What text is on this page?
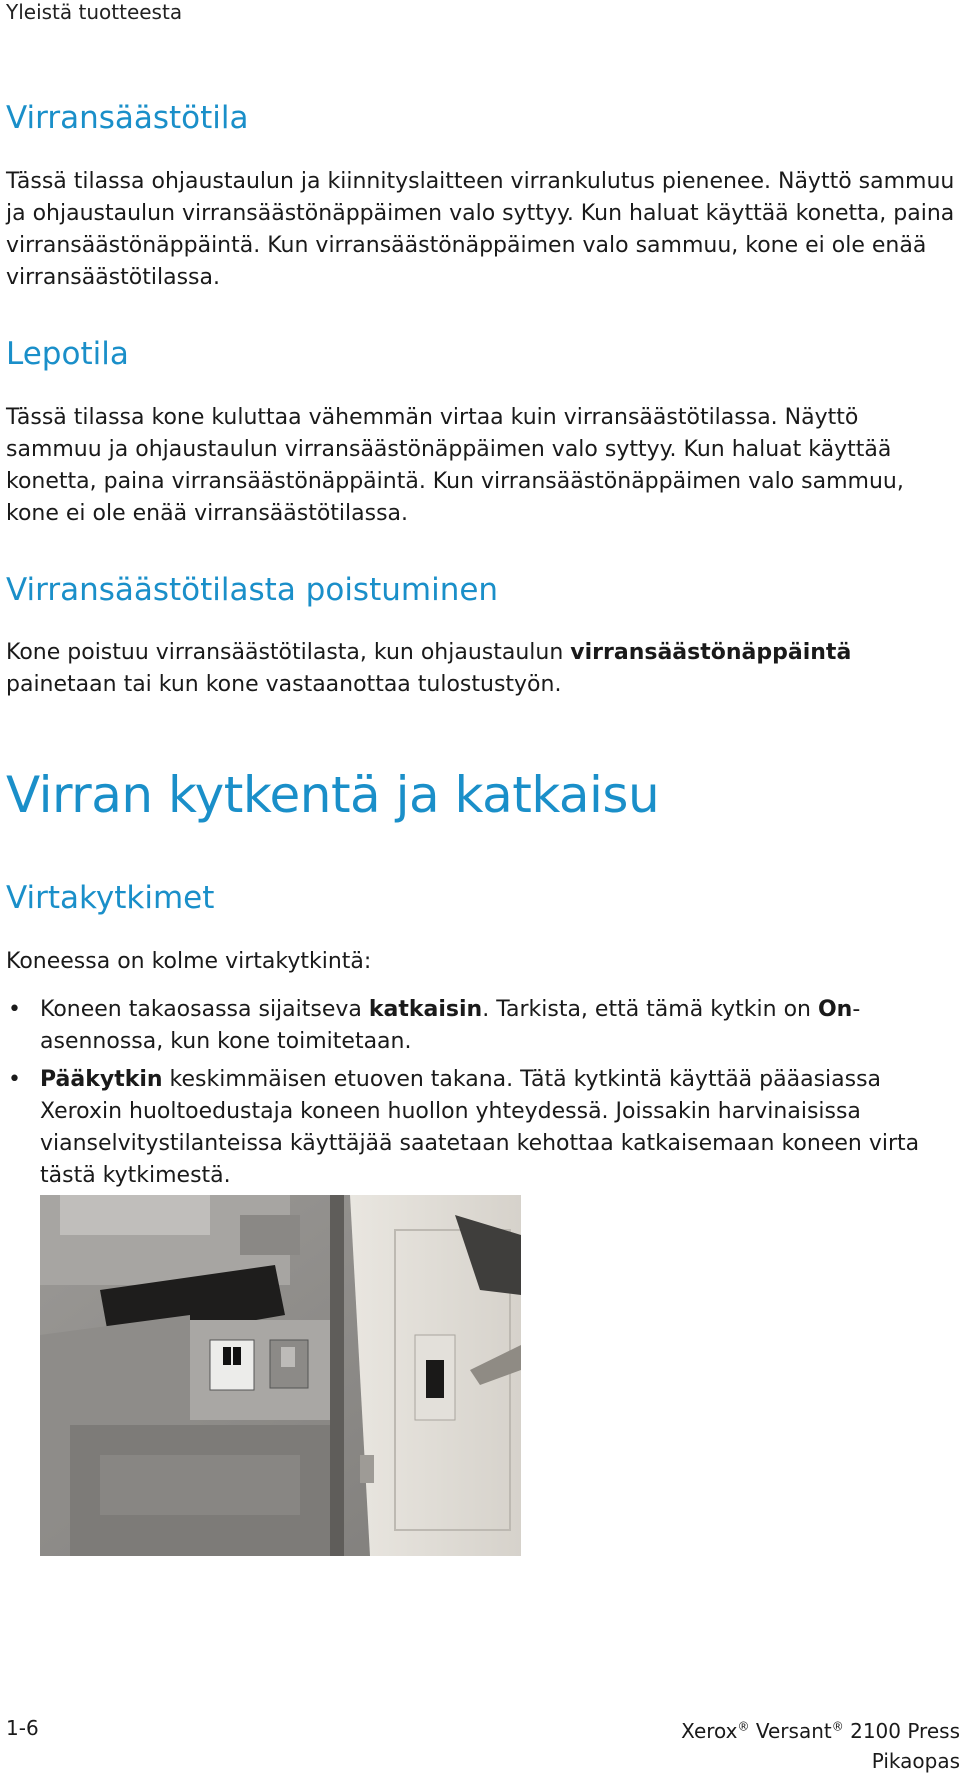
Yleistä tuotteesta
Virransäästötila

Tässä tilassa ohjaustaulun ja kiinnityslaitteen virrankulutus pienenee. Näyttö sammuu ja ohjaustaulun virransäästönäppäimen valo syttyy. Kun haluat käyttää konetta, paina virransäästönäppäintä. Kun virransäästönäppäimen valo sammuu, kone ei ole enää virransäästötilassa.

Lepotila

Tässä tilassa kone kuluttaa vähemmän virtaa kuin virransäästötilassa. Näyttö sammuu ja ohjaustaulun virransäästönäppäimen valo syttyy. Kun haluat käyttää konetta, paina virransäästönäppäintä. Kun virransäästönäppäimen valo sammuu, kone ei ole enää virransäästötilassa.

Virransäästötilasta poistuminen

Kone poistuu virransäästötilasta, kun ohjaustaulun virransäästönäppäintä painetaan tai kun kone vastaanottaa tulostustyön.

Virran kytkentä ja katkaisu
Virtakytkimet

Koneessa on kolme virtakytkintä:

• Koneen takaosassa sijaitseva katkaisin. Tarkista, että tämä kytkin on On-asennossa, kun kone toimitetaan.
• Pääkytkin keskimmäisen etuoven takana. Tätä kytkintä käyttää pääasiassa Xeroxin huoltoedustaja koneen huollon yhteydessä. Joissakin harvinaisissa vianselvitystilanteissa käyttäjää saatetaan kehottaa katkaisemaan koneen virta tästä kytkimestä.
1-6	Xerox® Versant® 2100 Press
Pikaopas
